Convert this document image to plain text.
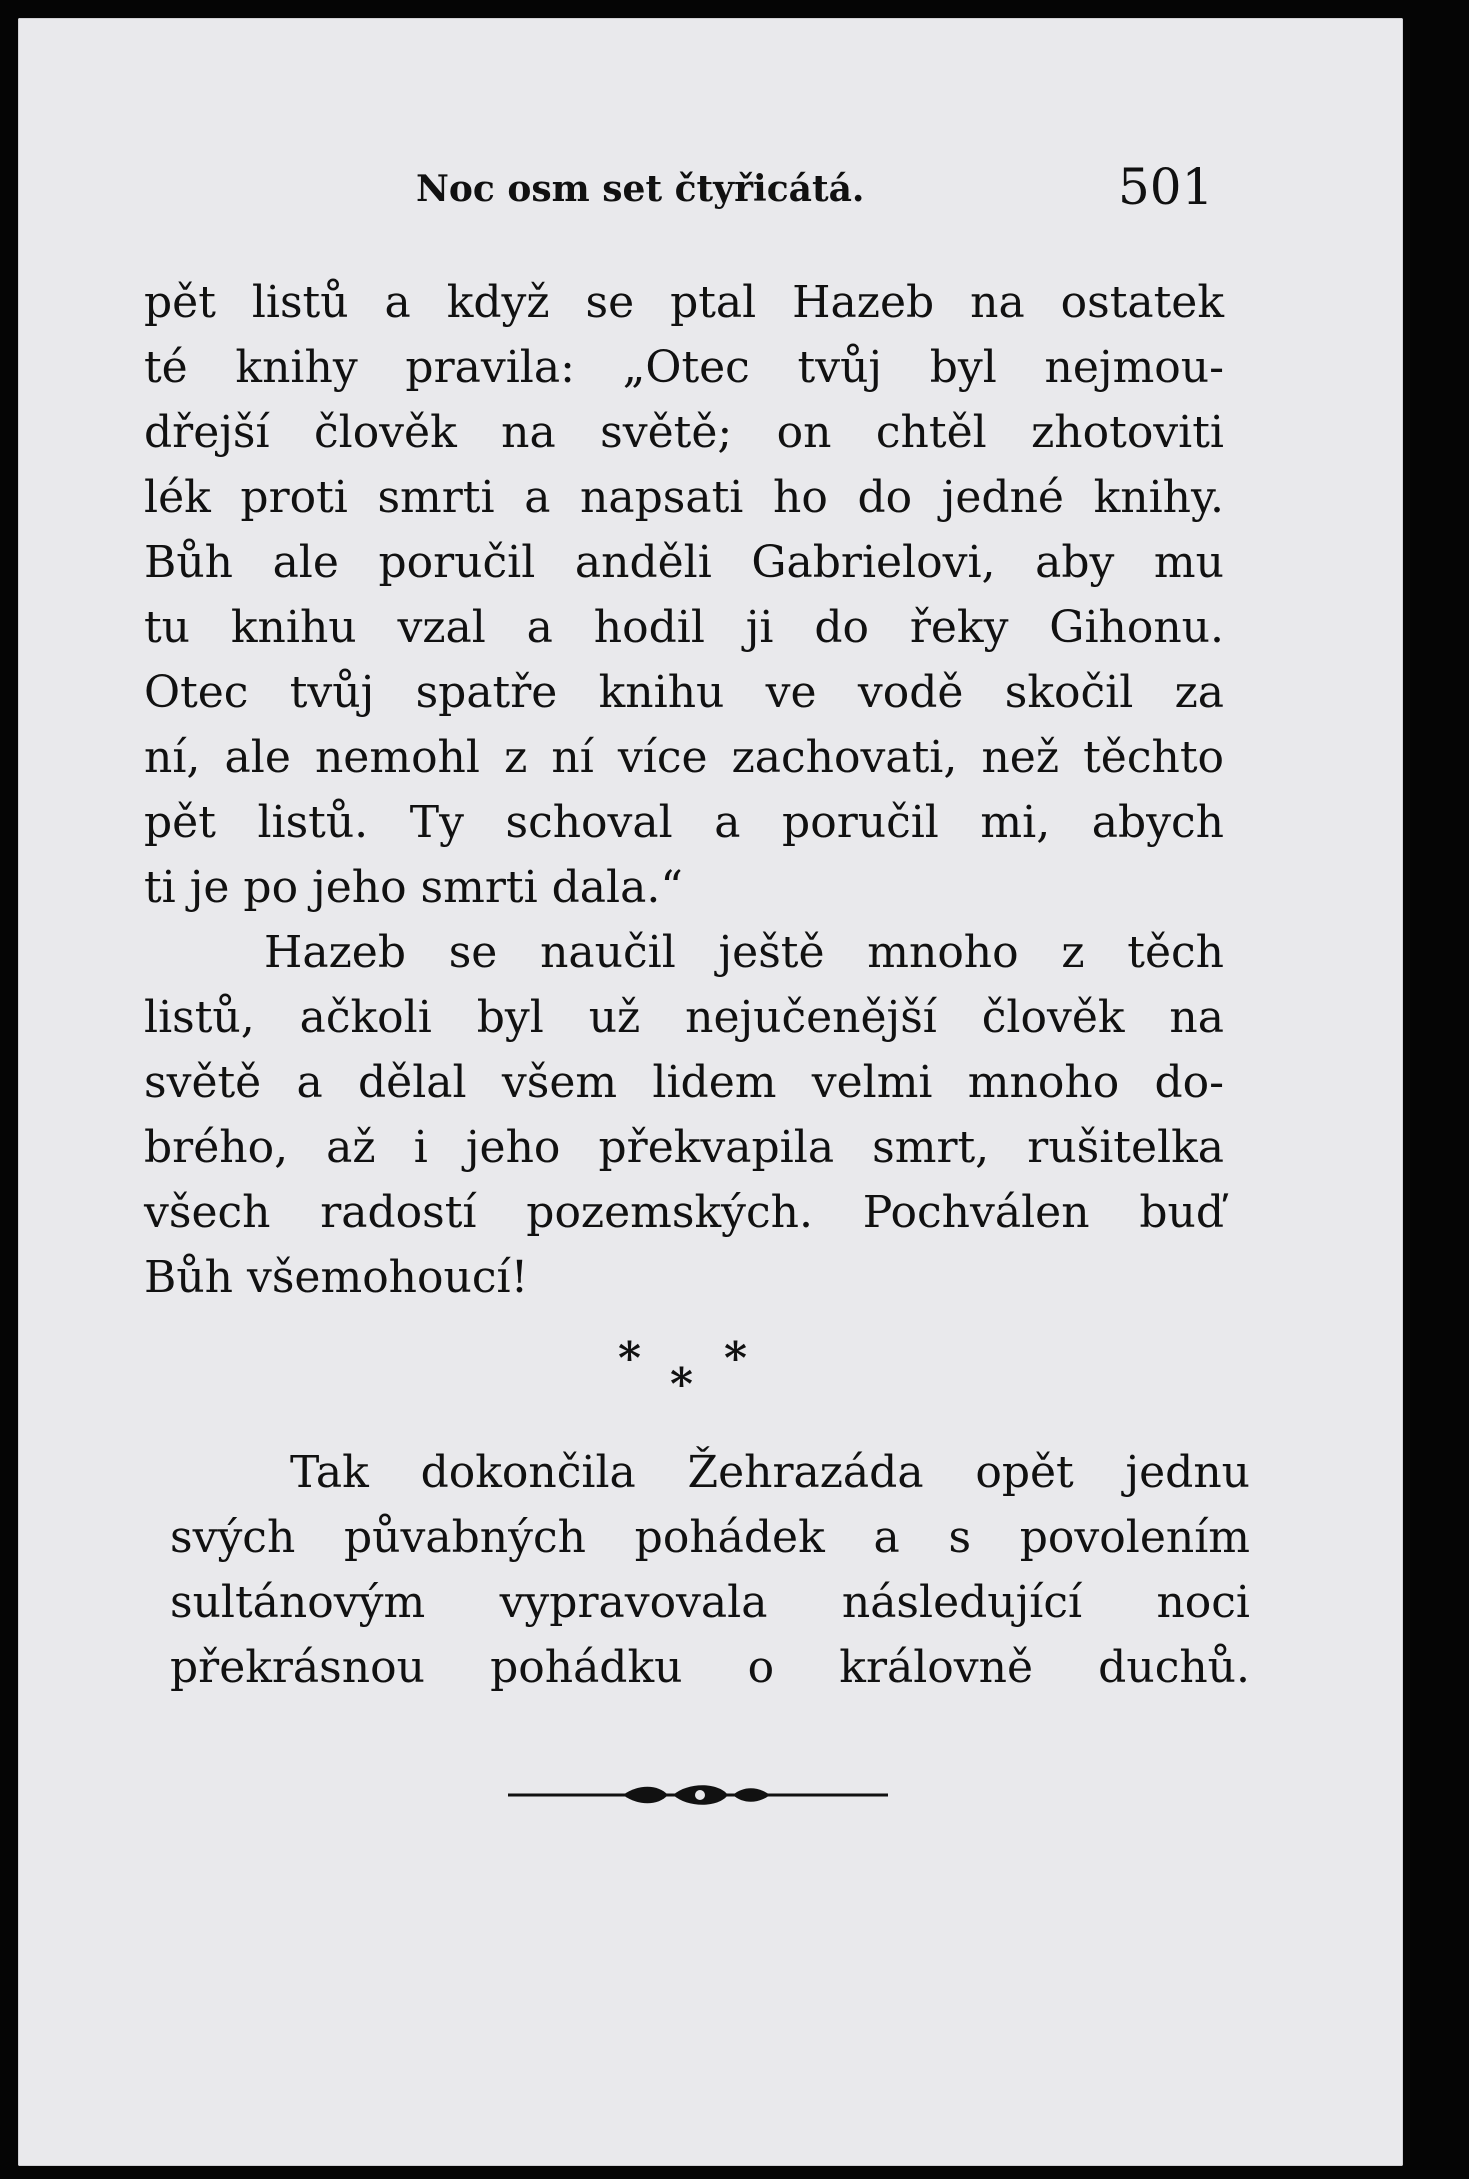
Noc osm set čtyřicátá.	501
pět listů a když se ptal Hazeb na ostatek
té knihy pravila: „Otec tvůj byl nejmou-
dřejší člověk na světě; on chtěl zhotoviti
lék proti smrti a napsati ho do jedné knihy.
Bůh ale poručil anděli Gabrielovi, aby mu
tu knihu vzal a hodil ji do řeky Gihonu.
Otec tvůj spatře knihu ve vodě skočil za
ní, ale nemohl z ní více zachovati, než těchto
pět listů. Ty schoval a poručil mi, abych
ti je po jeho smrti dala.“
Hazeb se naučil ještě mnoho z těch
listů, ačkoli byl už nejučenější člověk na
světě a dělal všem lidem velmi mnoho do-
brého, až i jeho překvapila smrt, rušitelka
všech radostí pozemských. Pochválen buď
Bůh všemohoucí!
Tak dokončila Žehrazáda opět jednu
svých půvabných pohádek a s povolením
sultánovým vypravovala následující noci
překrásnou pohádku o královně duchů.
* *
*
